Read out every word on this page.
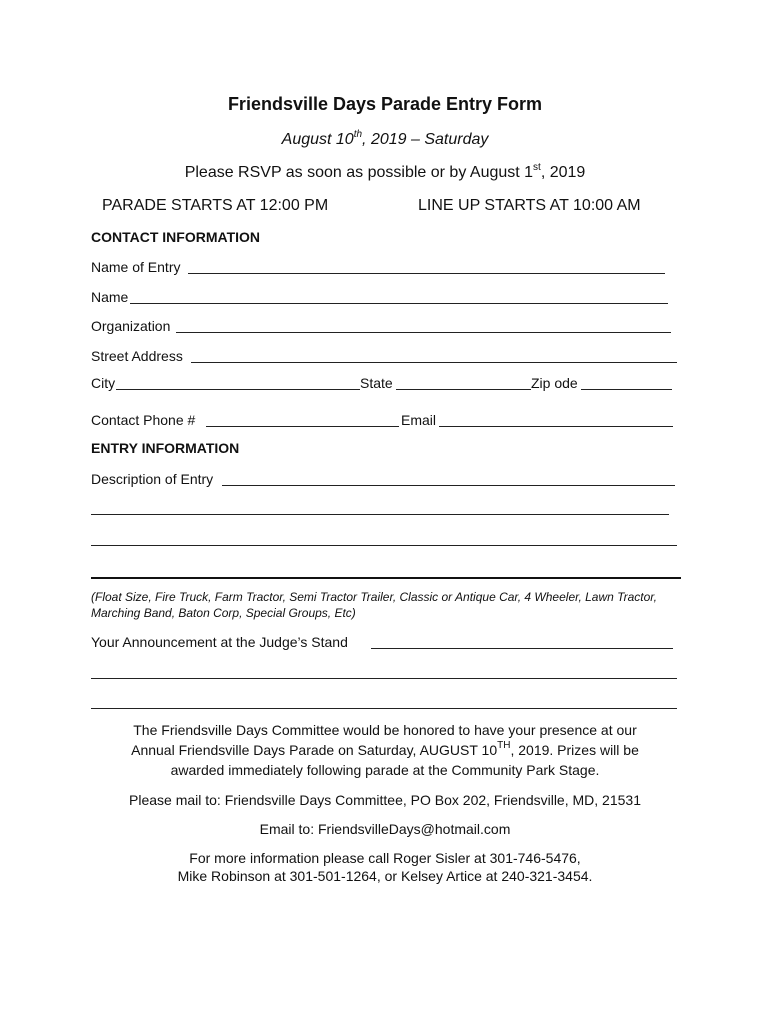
Friendsville Days Parade Entry Form
August 10th, 2019 – Saturday
Please RSVP as soon as possible or by August 1st, 2019
PARADE STARTS AT 12:00 PM	LINE UP STARTS AT 10:00 AM
CONTACT INFORMATION
Name of Entry
Name
Organization
Street Address
City	State	Zip ode
Contact Phone #	Email
ENTRY INFORMATION
Description of Entry
(Float Size, Fire Truck, Farm Tractor, Semi Tractor Trailer, Classic or Antique Car, 4 Wheeler, Lawn Tractor, Marching Band, Baton Corp, Special Groups, Etc)
Your Announcement at the Judge’s Stand
The Friendsville Days Committee would be honored to have your presence at our
Annual Friendsville Days Parade on Saturday, AUGUST 10TH, 2019. Prizes will be
awarded immediately following parade at the Community Park Stage.
Please mail to: Friendsville Days Committee, PO Box 202, Friendsville, MD, 21531
Email to: FriendsvilleDays@hotmail.com
For more information please call Roger Sisler at 301-746-5476,
Mike Robinson at 301-501-1264, or Kelsey Artice at 240-321-3454.
